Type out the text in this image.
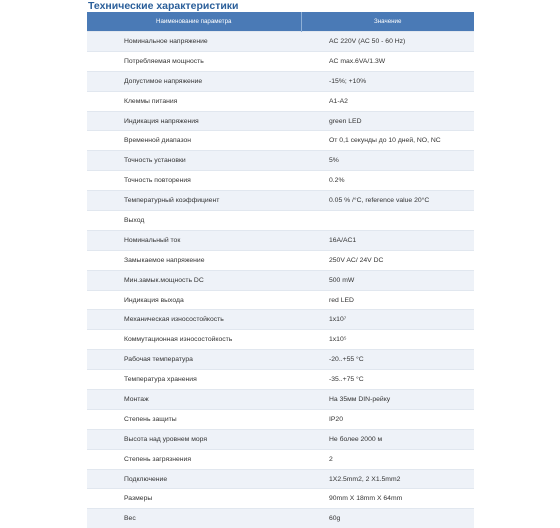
Технические характеристики
Наименование параметра	Значение
Номинальное напряжение	AC 220V (AC 50 - 60 Hz)
Потребляемая мощность	AC max.6VA/1.3W
Допустимое напряжение	-15%; +10%
Клеммы питания	A1-A2
Индикация напряжения	green LED
Временной диапазон	От 0,1 секунды до 10 дней, NO, NC
Точность установки	5%
Точность повторения	0.2%
Температурный коэффициент	0.05 % /°C, reference value 20°C
Выход	
Номинальный ток	16A/AC1
Замыкаемое напряжение	250V AC/ 24V DC
Мин.замык.мощность DC	500 mW
Индикация выхода	red LED
Механическая износостойкость	1x10⁷
Коммутационная износостойкость	1x10⁵
Рабочая температура	-20..+55 °C
Температура хранения	-35..+75 °C
Монтаж	На 35мм DIN-рейку
Степень защиты	IP20
Высота над уровнем моря	Не более 2000 м
Степень загрязнения	2
Подключение	1X2.5mm2, 2 X1.5mm2
Размеры	90mm X 18mm X 64mm
Вес	60g
